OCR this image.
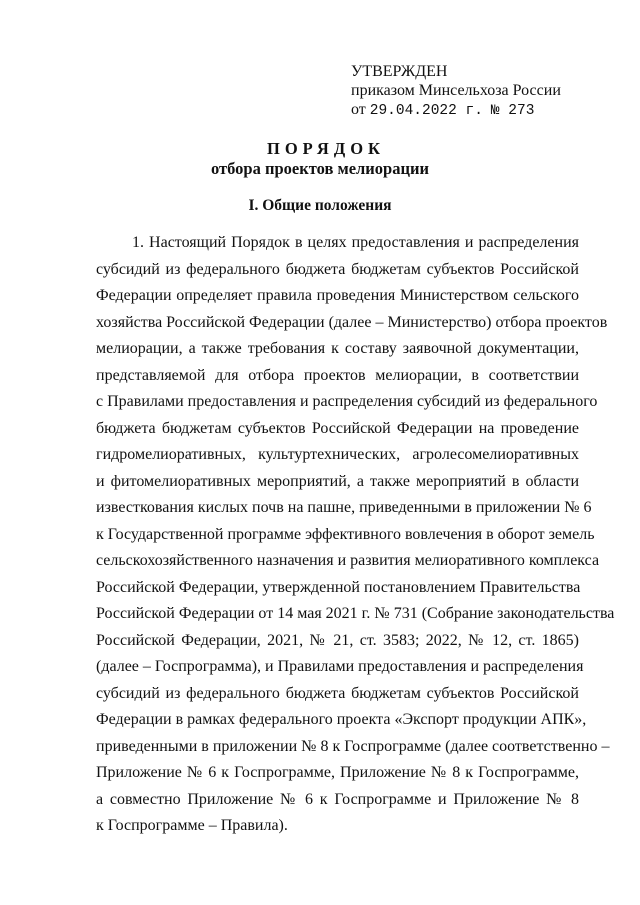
УТВЕРЖДЕН
приказом Минсельхоза России
от 29.04.2022 г. № 273
ПОРЯДОК
отбора проектов мелиорации
I. Общие положения
1. Настоящий Порядок в целях предоставления и распределения
субсидий из федерального бюджета бюджетам субъектов Российской
Федерации определяет правила проведения Министерством сельского
хозяйства Российской Федерации (далее – Министерство) отбора проектов
мелиорации, а также требования к составу заявочной документации,
представляемой для отбора проектов мелиорации, в соответствии
с Правилами предоставления и распределения субсидий из федерального
бюджета бюджетам субъектов Российской Федерации на проведение
гидромелиоративных, культуртехнических, агролесомелиоративных
и фитомелиоративных мероприятий, а также мероприятий в области
известкования кислых почв на пашне, приведенными в приложении № 6
к Государственной программе эффективного вовлечения в оборот земель
сельскохозяйственного назначения и развития мелиоративного комплекса
Российской Федерации, утвержденной постановлением Правительства
Российской Федерации от 14 мая 2021 г. № 731 (Собрание законодательства
Российской Федерации, 2021, № 21, ст. 3583; 2022, № 12, ст. 1865)
(далее – Госпрограмма), и Правилами предоставления и распределения
субсидий из федерального бюджета бюджетам субъектов Российской
Федерации в рамках федерального проекта «Экспорт продукции АПК»,
приведенными в приложении № 8 к Госпрограмме (далее соответственно –
Приложение № 6 к Госпрограмме, Приложение № 8 к Госпрограмме,
а совместно Приложение № 6 к Госпрограмме и Приложение № 8
к Госпрограмме – Правила).
